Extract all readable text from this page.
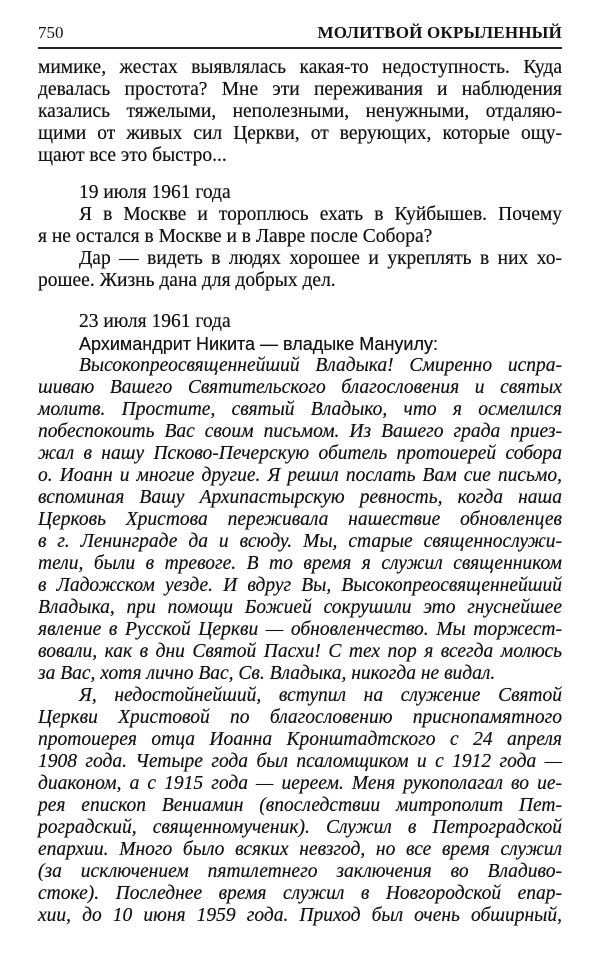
750	МОЛИТВОЙ ОКРЫЛЕННЫЙ
мимике, жестах выявлялась какая-то недоступность. Куда
девалась простота? Мне эти переживания и наблюдения
казались тяжелыми, неполезными, ненужными, отдаляю-
щими от живых сил Церкви, от верующих, которые ощу-
щают все это быстро...
19 июля 1961 года
Я в Москве и тороплюсь ехать в Куйбышев. Почему
я не остался в Москве и в Лавре после Собора?
Дар — видеть в людях хорошее и укреплять в них хо-
рошее. Жизнь дана для добрых дел.
23 июля 1961 года
Архимандрит Никита — владыке Мануилу:
Высокопреосвященнейший Владыка! Смиренно испра-
шиваю Вашего Святительского благословения и святых
молитв. Простите, святый Владыко, что я осмелился
побеспокоить Вас своим письмом. Из Вашего града приез-
жал в нашу Псково-Печерскую обитель протоиерей собора
о. Иоанн и многие другие. Я решил послать Вам сие письмо,
вспоминая Вашу Архипастырскую ревность, когда наша
Церковь Христова переживала нашествие обновленцев
в г. Ленинграде да и всюду. Мы, старые священнослужи-
тели, были в тревоге. В то время я служил священником
в Ладожском уезде. И вдруг Вы, Высокопреосвященнейший
Владыка, при помощи Божией сокрушили это гнуснейшее
явление в Русской Церкви — обновленчество. Мы торжест-
вовали, как в дни Святой Пасхи! С тех пор я всегда молюсь
за Вас, хотя лично Вас, Св. Владыка, никогда не видал.
Я, недостойнейший, вступил на служение Святой
Церкви Христовой по благословению приснопамятного
протоиерея отца Иоанна Кронштадтского с 24 апреля
1908 года. Четыре года был псаломщиком и с 1912 года —
диаконом, а с 1915 года — иереем. Меня рукополагал во ие-
рея епископ Вениамин (впоследствии митрополит Пет-
роградский, священномученик). Служил в Петроградской
епархии. Много было всяких невзгод, но все время служил
(за исключением пятилетнего заключения во Владиво-
стоке). Последнее время служил в Новгородской епар-
хии, до 10 июня 1959 года. Приход был очень обширный,
